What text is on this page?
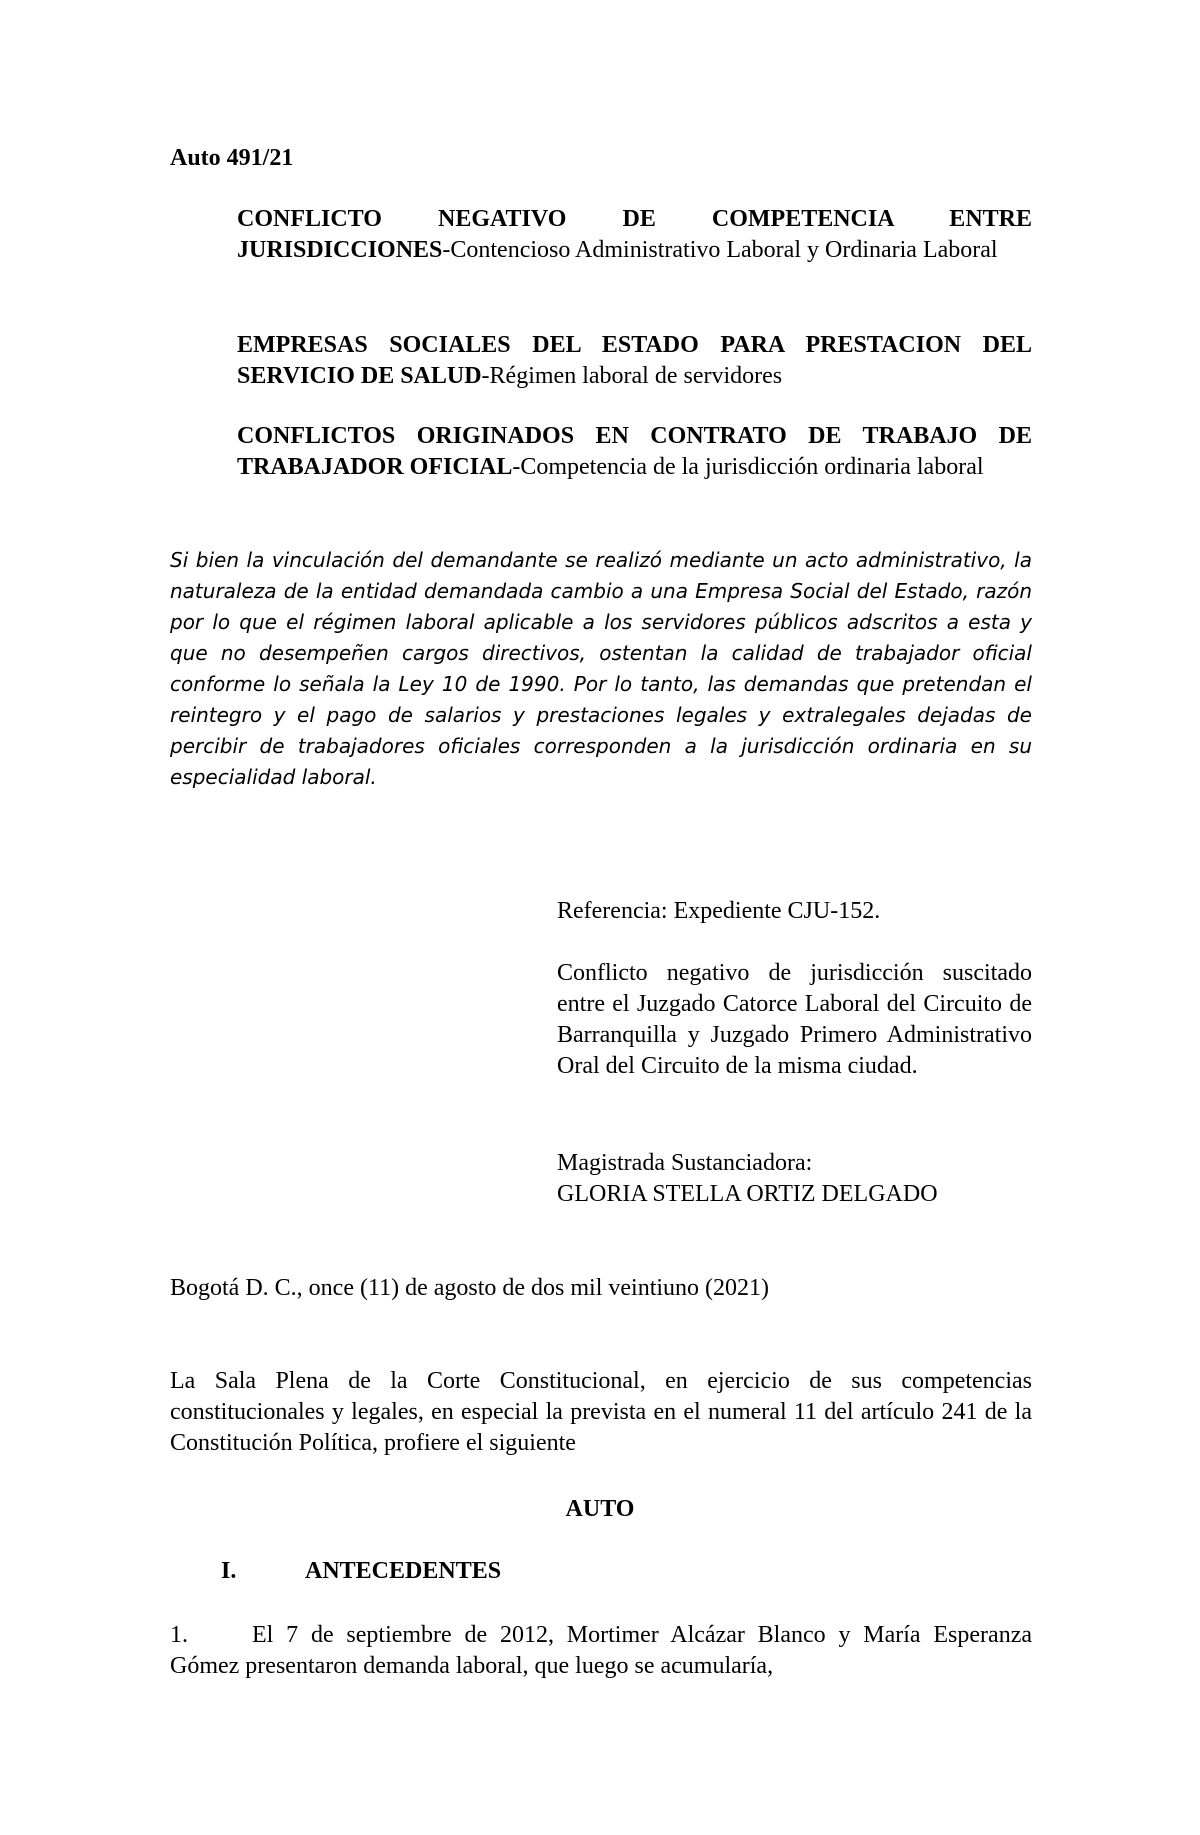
Auto 491/21

CONFLICTO NEGATIVO DE COMPETENCIA ENTRE JURISDICCIONES-Contencioso Administrativo Laboral y Ordinaria Laboral

EMPRESAS SOCIALES DEL ESTADO PARA PRESTACION DEL SERVICIO DE SALUD-Régimen laboral de servidores

CONFLICTOS ORIGINADOS EN CONTRATO DE TRABAJO DE TRABAJADOR OFICIAL-Competencia de la jurisdicción ordinaria laboral

Si bien la vinculación del demandante se realizó mediante un acto administrativo, la naturaleza de la entidad demandada cambio a una Empresa Social del Estado, razón por lo que el régimen laboral aplicable a los servidores públicos adscritos a esta y que no desempeñen cargos directivos, ostentan la calidad de trabajador oficial conforme lo señala la Ley 10 de 1990. Por lo tanto, las demandas que pretendan el reintegro y el pago de salarios y prestaciones legales y extralegales dejadas de percibir de trabajadores oficiales corresponden a la jurisdicción ordinaria en su especialidad laboral.

Referencia: Expediente CJU-152.

Conflicto negativo de jurisdicción suscitado entre el Juzgado Catorce Laboral del Circuito de Barranquilla y Juzgado Primero Administrativo Oral del Circuito de la misma ciudad.

Magistrada Sustanciadora:
GLORIA STELLA ORTIZ DELGADO

Bogotá D. C., once (11) de agosto de dos mil veintiuno (2021)

La Sala Plena de la Corte Constitucional, en ejercicio de sus competencias constitucionales y legales, en especial la prevista en el numeral 11 del artículo 241 de la Constitución Política, profiere el siguiente

AUTO

I.	ANTECEDENTES

1.	El 7 de septiembre de 2012, Mortimer Alcázar Blanco y María Esperanza Gómez presentaron demanda laboral, que luego se acumularía,
